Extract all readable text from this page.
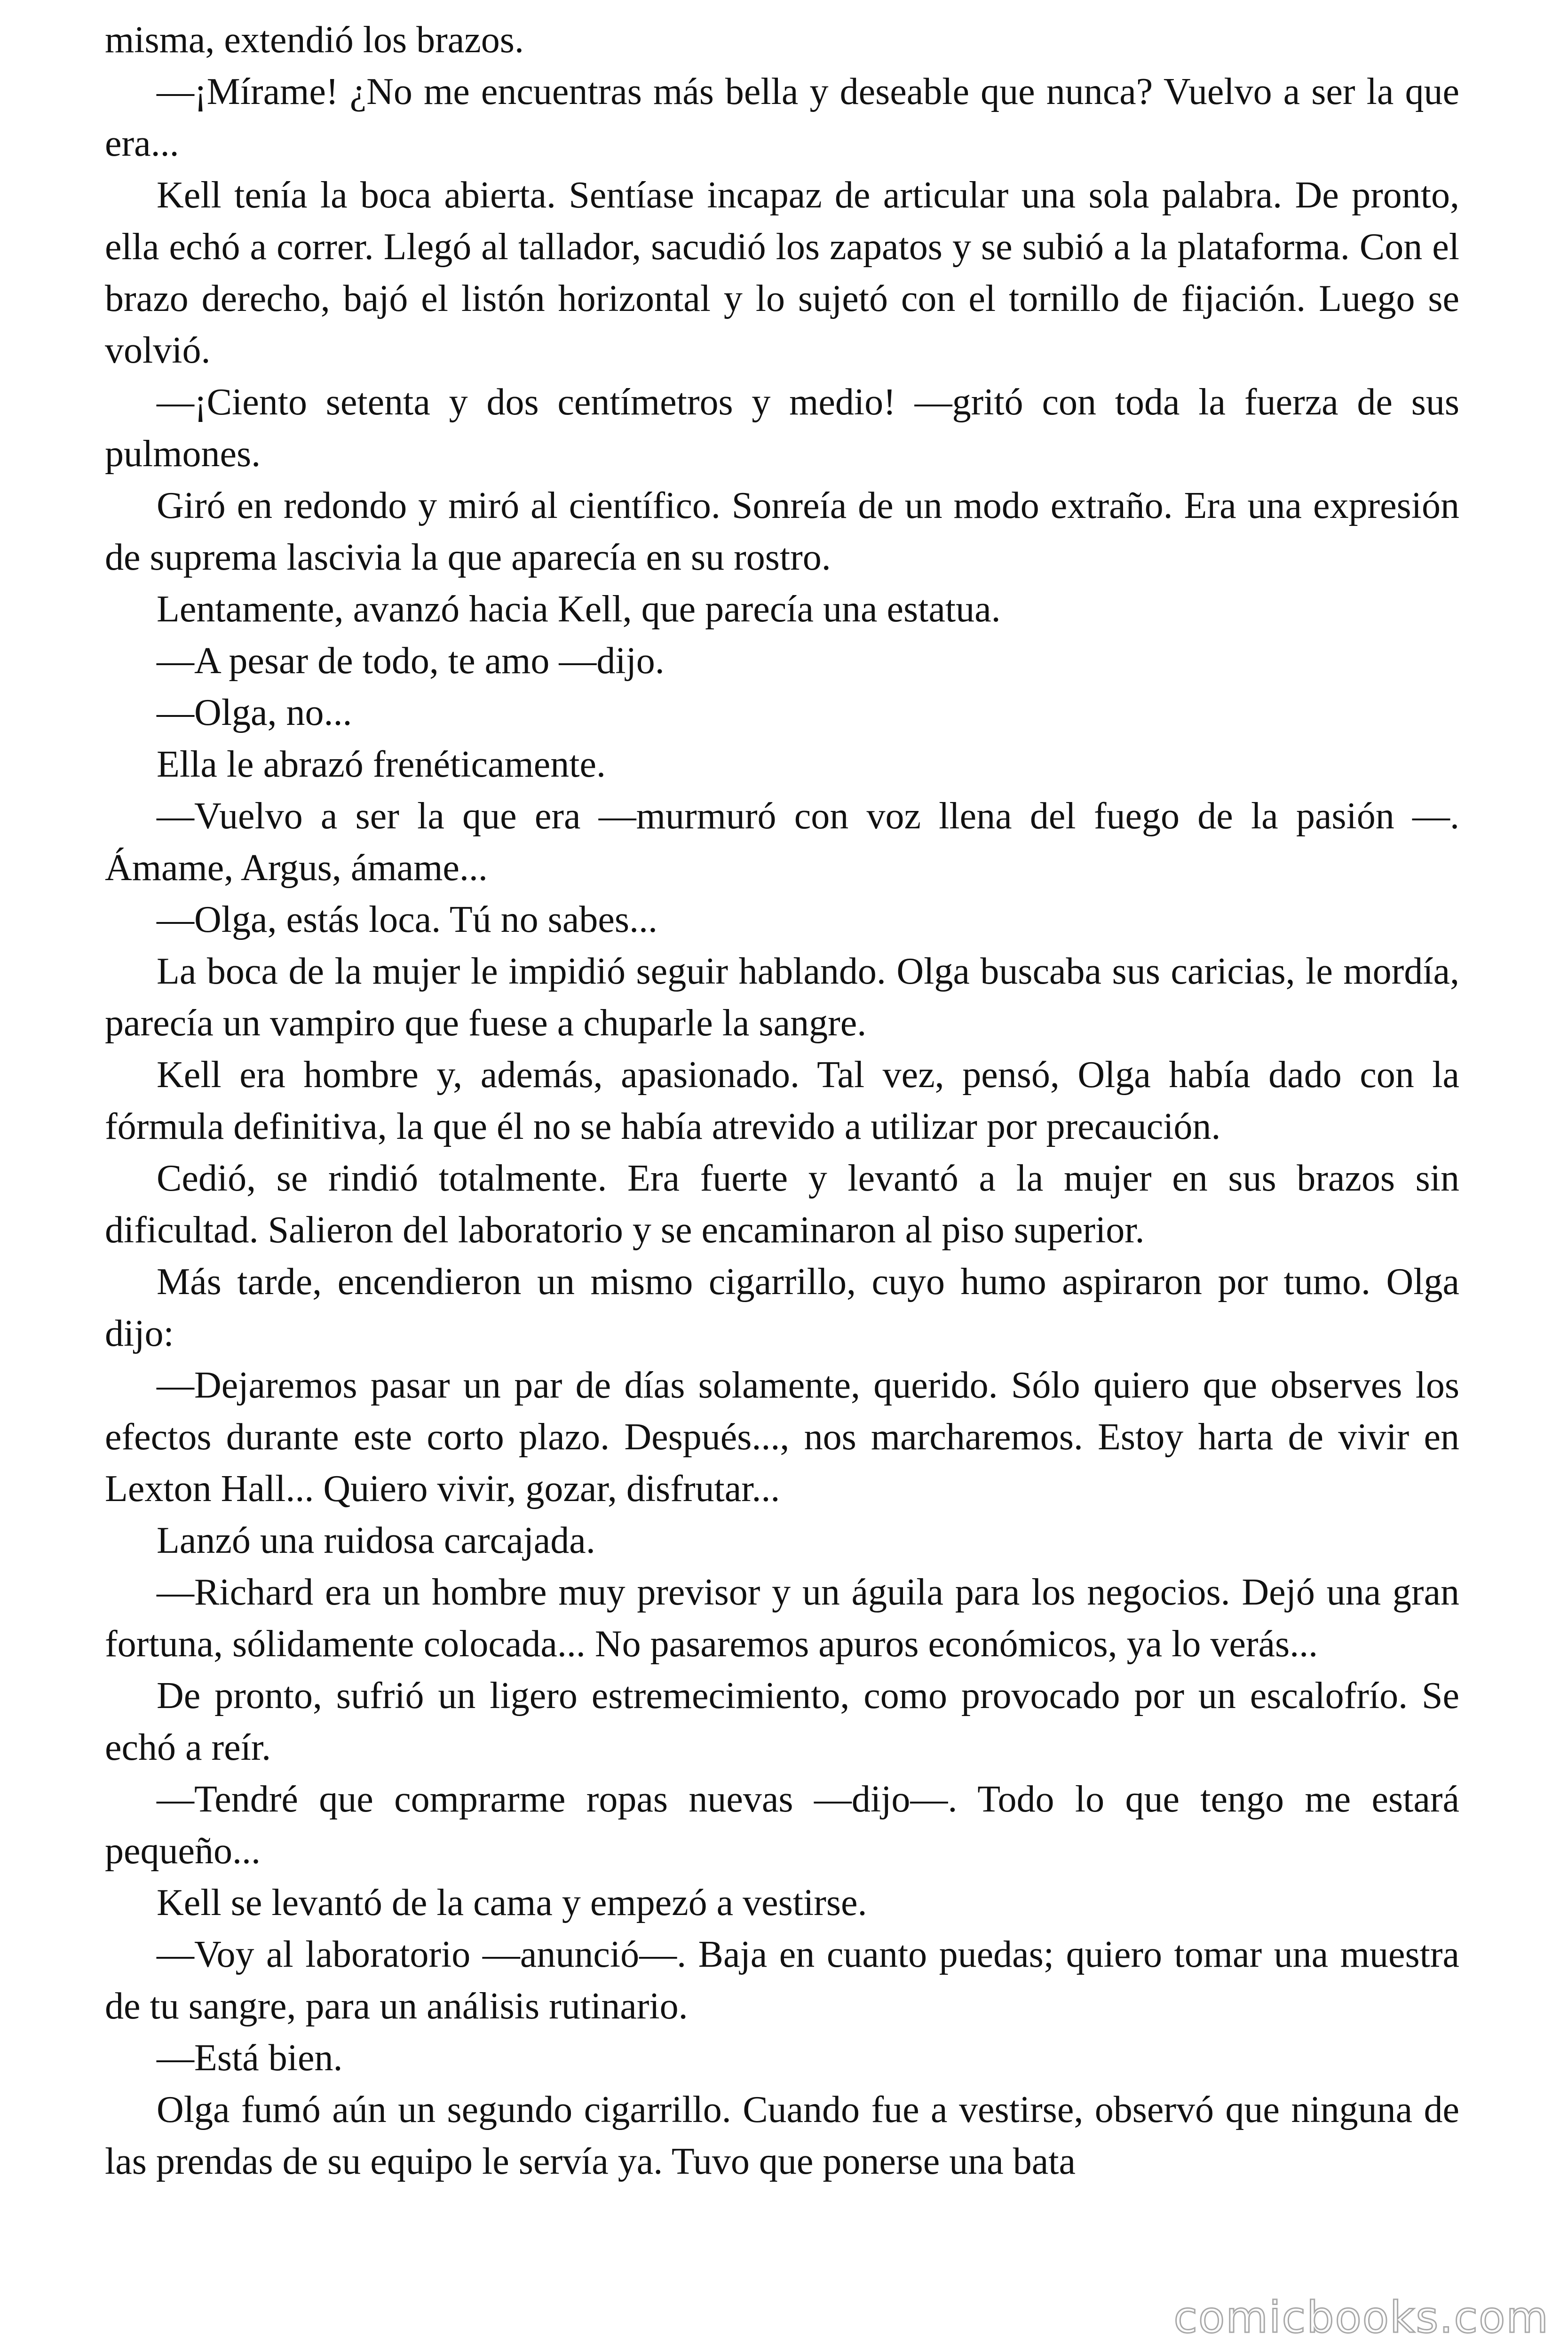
misma, extendió los brazos.

—¡Mírame! ¿No me encuentras más bella y deseable que nunca? Vuelvo a ser la que era...

Kell tenía la boca abierta. Sentíase incapaz de articular una sola palabra. De pronto, ella echó a correr. Llegó al tallador, sacudió los zapatos y se subió a la plataforma. Con el brazo derecho, bajó el listón horizontal y lo sujetó con el tornillo de fijación. Luego se volvió.

—¡Ciento setenta y dos centímetros y medio! —gritó con toda la fuerza de sus pulmones.

Giró en redondo y miró al científico. Sonreía de un modo extraño. Era una expresión de suprema lascivia la que aparecía en su rostro.

Lentamente, avanzó hacia Kell, que parecía una estatua.

—A pesar de todo, te amo —dijo.

—Olga, no...

Ella le abrazó frenéticamente.

—Vuelvo a ser la que era —murmuró con voz llena del fuego de la pasión —. Ámame, Argus, ámame...

—Olga, estás loca. Tú no sabes...

La boca de la mujer le impidió seguir hablando. Olga buscaba sus caricias, le mordía, parecía un vampiro que fuese a chuparle la sangre.

Kell era hombre y, además, apasionado. Tal vez, pensó, Olga había dado con la fórmula definitiva, la que él no se había atrevido a utilizar por precaución.

Cedió, se rindió totalmente. Era fuerte y levantó a la mujer en sus brazos sin dificultad. Salieron del laboratorio y se encaminaron al piso superior.

Más tarde, encendieron un mismo cigarrillo, cuyo humo aspiraron por tumo. Olga dijo:

—Dejaremos pasar un par de días solamente, querido. Sólo quiero que observes los efectos durante este corto plazo. Después..., nos marcharemos. Estoy harta de vivir en Lexton Hall... Quiero vivir, gozar, disfrutar...

Lanzó una ruidosa carcajada.

—Richard era un hombre muy previsor y un águila para los negocios. Dejó una gran fortuna, sólidamente colocada... No pasaremos apuros económicos, ya lo verás...

De pronto, sufrió un ligero estremecimiento, como provocado por un escalofrío. Se echó a reír.

—Tendré que comprarme ropas nuevas —dijo—. Todo lo que tengo me estará pequeño...

Kell se levantó de la cama y empezó a vestirse.

—Voy al laboratorio —anunció—. Baja en cuanto puedas; quiero tomar una muestra de tu sangre, para un análisis rutinario.

—Está bien.

Olga fumó aún un segundo cigarrillo. Cuando fue a vestirse, observó que ninguna de las prendas de su equipo le servía ya. Tuvo que ponerse una bata

comicbooks.com
